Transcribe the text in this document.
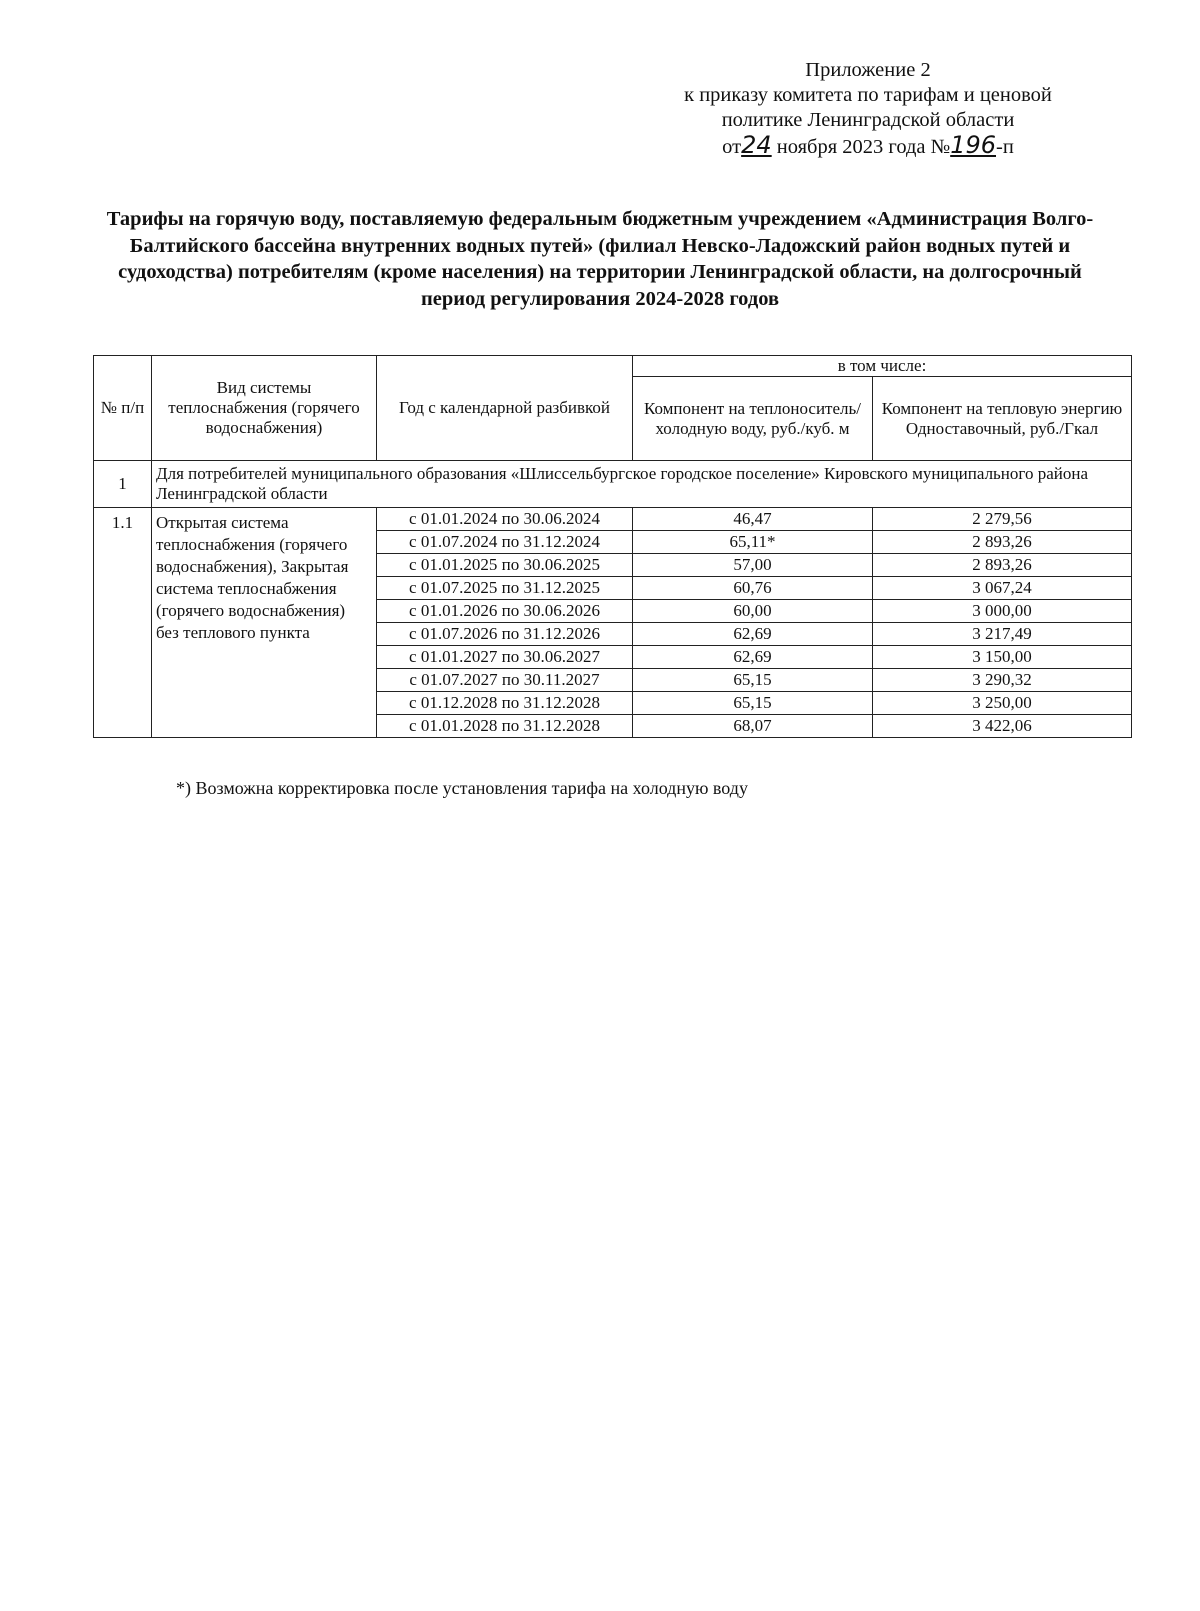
Приложение 2
к приказу комитета по тарифам и ценовой
политике Ленинградской области
от24 ноября 2023 года №196-п
Тарифы на горячую воду, поставляемую федеральным бюджетным учреждением «Администрация Волго-Балтийского бассейна внутренних водных путей» (филиал Невско-Ладожский район водных путей и судоходства) потребителям (кроме населения) на территории Ленинградской области, на долгосрочный период регулирования 2024-2028 годов
№ п/п	Вид системы теплоснабжения (горячего водоснабжения)	Год с календарной разбивкой	в том числе:	
			Компонент на теплоноситель/холодную воду, руб./куб. м	Компонент на тепловую энергию Одноставочный, руб./Гкал
1	Для потребителей муниципального образования «Шлиссельбургское городское поселение» Кировского муниципального района Ленинградской области			
1.1	Открытая система теплоснабжения (горячего водоснабжения), Закрытая система теплоснабжения (горячего водоснабжения) без теплового пункта	с 01.01.2024 по 30.06.2024	46,47	2 279,56
		с 01.07.2024 по 31.12.2024	65,11*	2 893,26
		с 01.01.2025 по 30.06.2025	57,00	2 893,26
		с 01.07.2025 по 31.12.2025	60,76	3 067,24
		с 01.01.2026 по 30.06.2026	60,00	3 000,00
		с 01.07.2026 по 31.12.2026	62,69	3 217,49
		с 01.01.2027 по 30.06.2027	62,69	3 150,00
		с 01.07.2027 по 30.11.2027	65,15	3 290,32
		с 01.12.2028 по 31.12.2028	65,15	3 250,00
		с 01.01.2028 по 31.12.2028	68,07	3 422,06
*) Возможна корректировка после установления тарифа на холодную воду
